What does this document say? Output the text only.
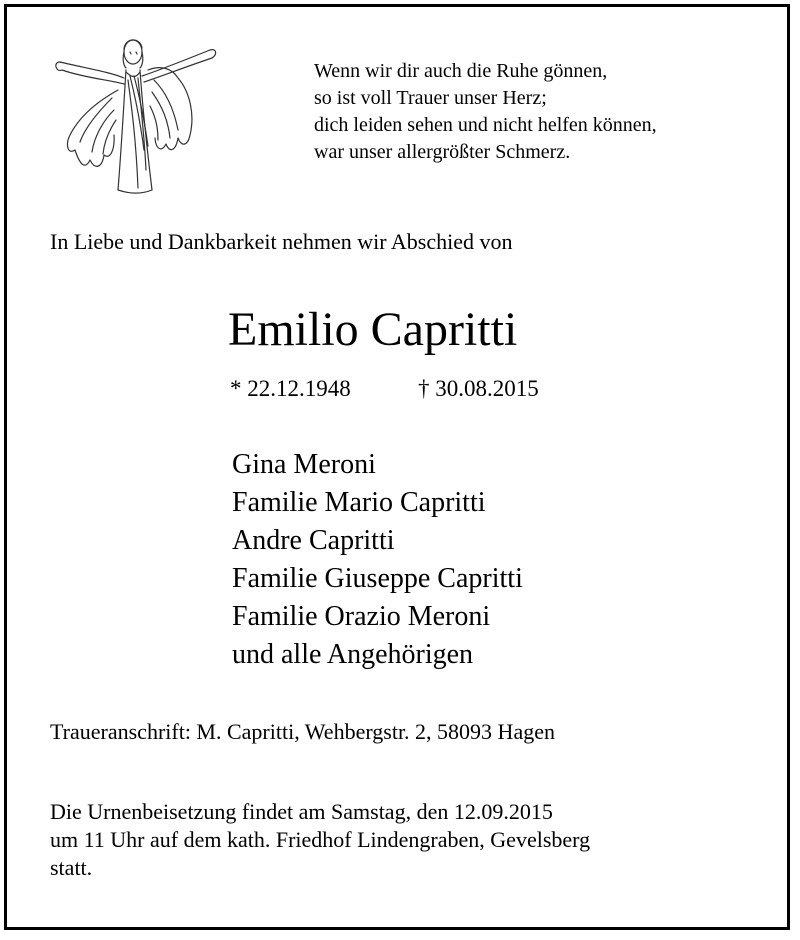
Wenn wir dir auch die Ruhe gönnen,
so ist voll Trauer unser Herz;
dich leiden sehen und nicht helfen können,
war unser allergrößter Schmerz.
In Liebe und Dankbarkeit nehmen wir Abschied von
Emilio Capritti
* 22.12.1948	† 30.08.2015
Gina Meroni
Familie Mario Capritti
Andre Capritti
Familie Giuseppe Capritti
Familie Orazio Meroni
und alle Angehörigen
Traueranschrift: M. Capritti, Wehbergstr. 2, 58093 Hagen
Die Urnenbeisetzung findet am Samstag, den 12.09.2015
um 11 Uhr auf dem kath. Friedhof Lindengraben, Gevelsberg
statt.
